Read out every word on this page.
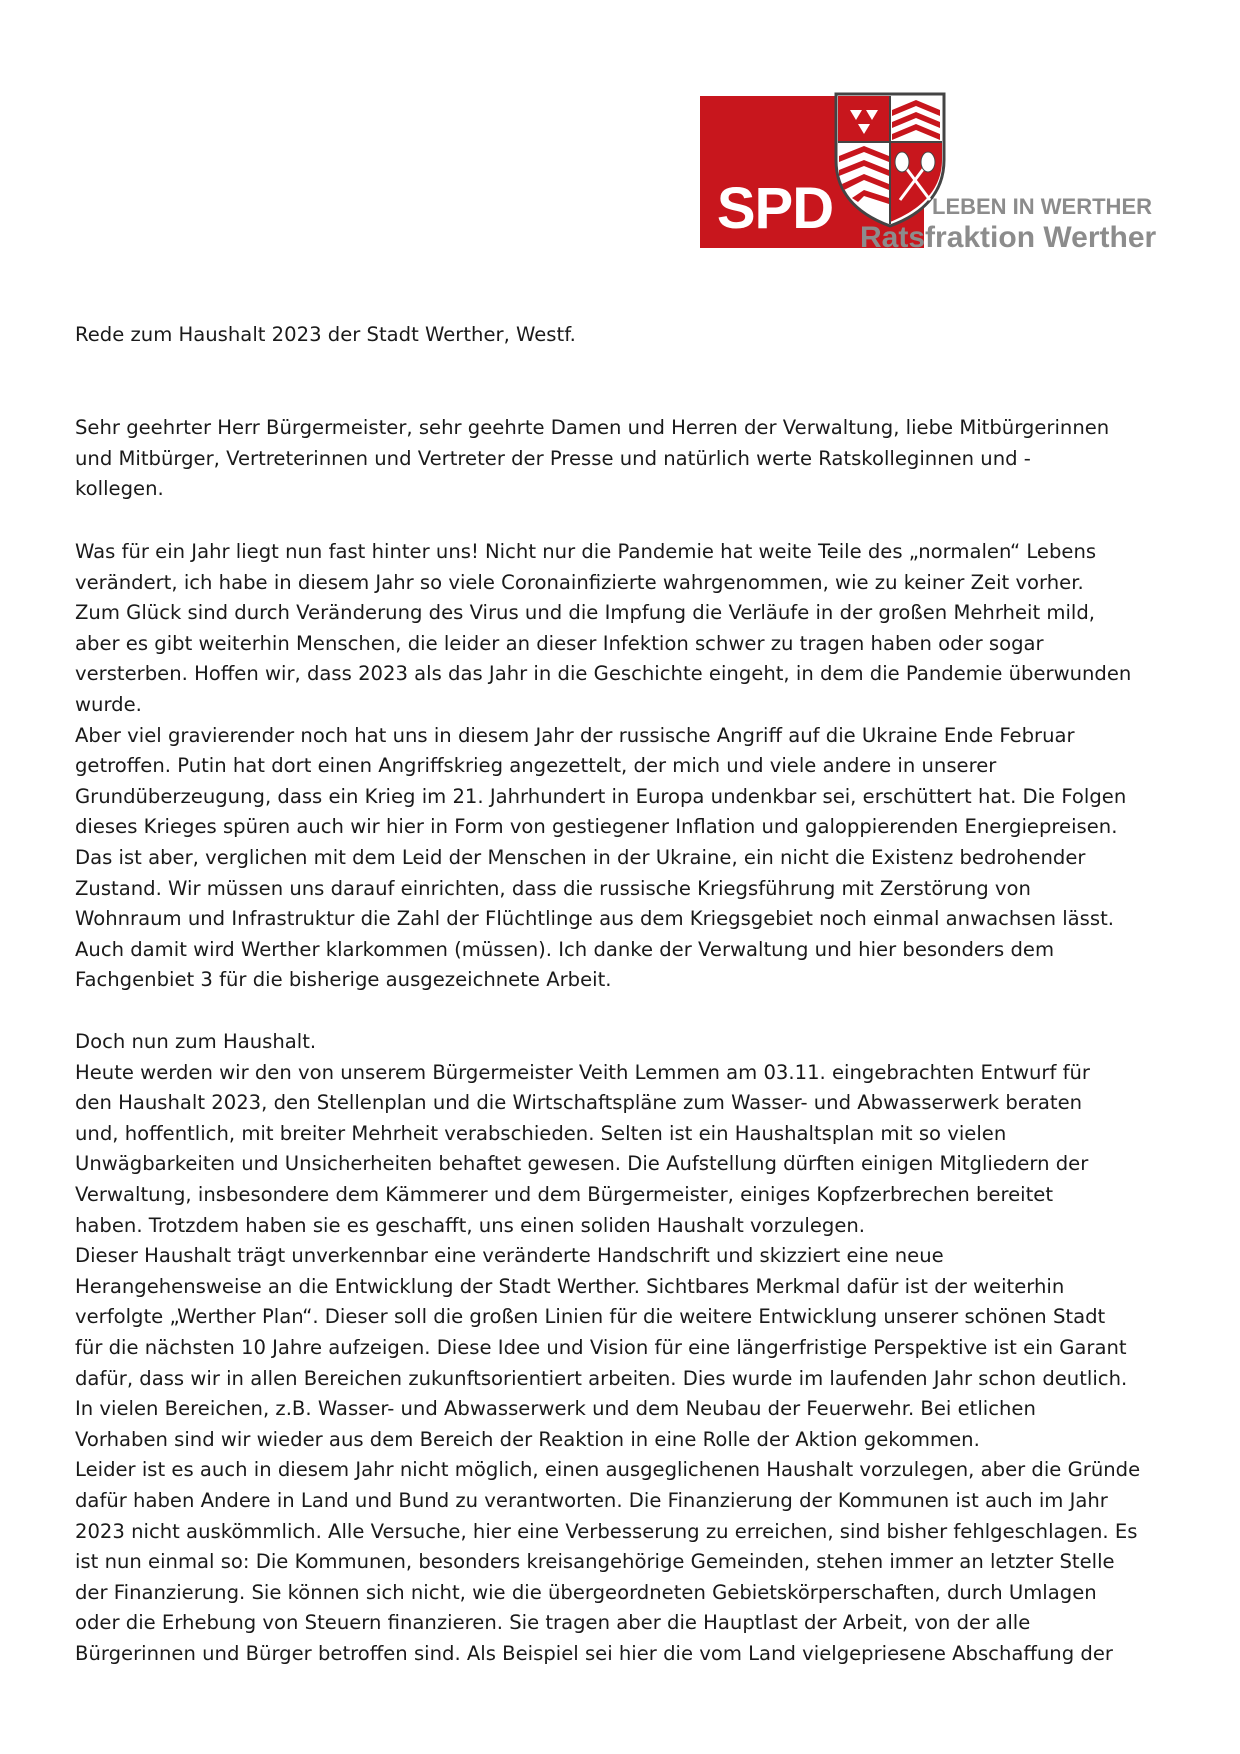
SPD	LEBEN IN WERTHER
Ratsfraktion Werther

Rede zum Haushalt 2023 der Stadt Werther, Westf.

Sehr geehrter Herr Bürgermeister, sehr geehrte Damen und Herren der Verwaltung, liebe Mitbürgerinnen

und Mitbürger, Vertreterinnen und Vertreter der Presse und natürlich werte Ratskolleginnen und -

kollegen.

Was für ein Jahr liegt nun fast hinter uns! Nicht nur die Pandemie hat weite Teile des „normalen“ Lebens

verändert, ich habe in diesem Jahr so viele Coronainfizierte wahrgenommen, wie zu keiner Zeit vorher.

Zum Glück sind durch Veränderung des Virus und die Impfung die Verläufe in der großen Mehrheit mild,

aber es gibt weiterhin Menschen, die leider an dieser Infektion schwer zu tragen haben oder sogar

versterben. Hoffen wir, dass 2023 als das Jahr in die Geschichte eingeht, in dem die Pandemie überwunden

wurde.

Aber viel gravierender noch hat uns in diesem Jahr der russische Angriff auf die Ukraine Ende Februar

getroffen. Putin hat dort einen Angriffskrieg angezettelt, der mich und viele andere in unserer

Grundüberzeugung, dass ein Krieg im 21. Jahrhundert in Europa undenkbar sei, erschüttert hat. Die Folgen

dieses Krieges spüren auch wir hier in Form von gestiegener Inflation und galoppierenden Energiepreisen.

Das ist aber, verglichen mit dem Leid der Menschen in der Ukraine, ein nicht die Existenz bedrohender

Zustand. Wir müssen uns darauf einrichten, dass die russische Kriegsführung mit Zerstörung von

Wohnraum und Infrastruktur die Zahl der Flüchtlinge aus dem Kriegsgebiet noch einmal anwachsen lässt.

Auch damit wird Werther klarkommen (müssen). Ich danke der Verwaltung und hier besonders dem

Fachgenbiet 3 für die bisherige ausgezeichnete Arbeit.

Doch nun zum Haushalt.

Heute werden wir den von unserem Bürgermeister Veith Lemmen am 03.11. eingebrachten Entwurf für

den Haushalt 2023, den Stellenplan und die Wirtschaftspläne zum Wasser- und Abwasserwerk beraten

und, hoffentlich, mit breiter Mehrheit verabschieden. Selten ist ein Haushaltsplan mit so vielen

Unwägbarkeiten und Unsicherheiten behaftet gewesen. Die Aufstellung dürften einigen Mitgliedern der

Verwaltung, insbesondere dem Kämmerer und dem Bürgermeister, einiges Kopfzerbrechen bereitet

haben. Trotzdem haben sie es geschafft, uns einen soliden Haushalt vorzulegen.

Dieser Haushalt trägt unverkennbar eine veränderte Handschrift und skizziert eine neue

Herangehensweise an die Entwicklung der Stadt Werther. Sichtbares Merkmal dafür ist der weiterhin

verfolgte „Werther Plan“. Dieser soll die großen Linien für die weitere Entwicklung unserer schönen Stadt

für die nächsten 10 Jahre aufzeigen. Diese Idee und Vision für eine längerfristige Perspektive ist ein Garant

dafür, dass wir in allen Bereichen zukunftsorientiert arbeiten. Dies wurde im laufenden Jahr schon deutlich.

In vielen Bereichen, z.B. Wasser- und Abwasserwerk und dem Neubau der Feuerwehr. Bei etlichen

Vorhaben sind wir wieder aus dem Bereich der Reaktion in eine Rolle der Aktion gekommen.

Leider ist es auch in diesem Jahr nicht möglich, einen ausgeglichenen Haushalt vorzulegen, aber die Gründe

dafür haben Andere in Land und Bund zu verantworten. Die Finanzierung der Kommunen ist auch im Jahr

2023 nicht auskömmlich. Alle Versuche, hier eine Verbesserung zu erreichen, sind bisher fehlgeschlagen. Es

ist nun einmal so: Die Kommunen, besonders kreisangehörige Gemeinden, stehen immer an letzter Stelle

der Finanzierung. Sie können sich nicht, wie die übergeordneten Gebietskörperschaften, durch Umlagen

oder die Erhebung von Steuern finanzieren. Sie tragen aber die Hauptlast der Arbeit, von der alle

Bürgerinnen und Bürger betroffen sind. Als Beispiel sei hier die vom Land vielgepriesene Abschaffung der
